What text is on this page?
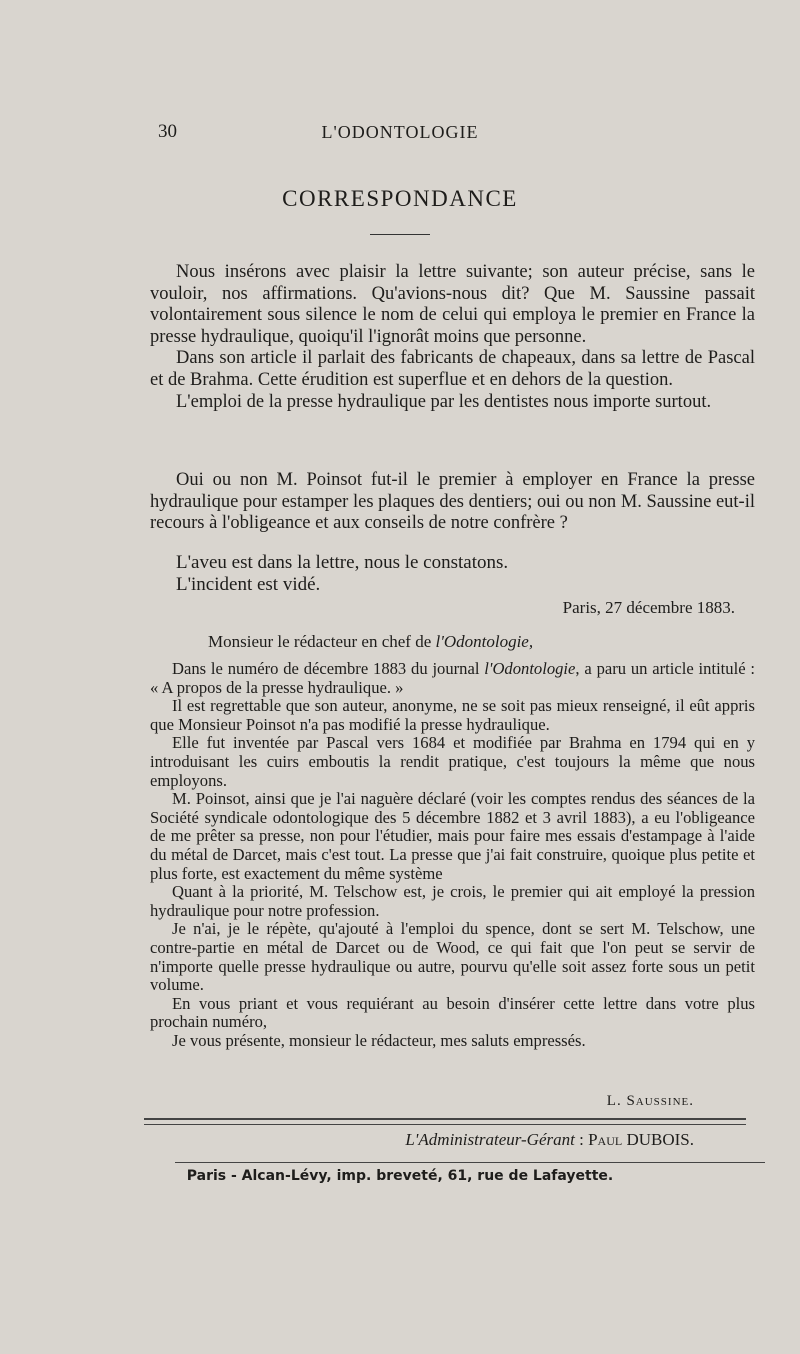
30	L'ODONTOLOGIE
CORRESPONDANCE

Nous insérons avec plaisir la lettre suivante; son auteur précise, sans le vouloir, nos affirmations. Qu'avions-nous dit? Que M. Saussine passait volontairement sous silence le nom de celui qui employa le premier en France la presse hydraulique, quoiqu'il l'ignorât moins que personne.

Dans son article il parlait des fabricants de chapeaux, dans sa lettre de Pascal et de Brahma. Cette érudition est superflue et en dehors de la question.

L'emploi de la presse hydraulique par les dentistes nous importe surtout.

Oui ou non M. Poinsot fut-il le premier à employer en France la presse hydraulique pour estamper les plaques des dentiers; oui ou non M. Saussine eut-il recours à l'obligeance et aux conseils de notre confrère ?

L'aveu est dans la lettre, nous le constatons.

L'incident est vidé.

Paris, 27 décembre 1883.
Monsieur le rédacteur en chef de l'Odontologie,

Dans le numéro de décembre 1883 du journal l'Odontologie, a paru un article intitulé : « A propos de la presse hydraulique. »

Il est regrettable que son auteur, anonyme, ne se soit pas mieux renseigné, il eût appris que Monsieur Poinsot n'a pas modifié la presse hydraulique.

Elle fut inventée par Pascal vers 1684 et modifiée par Brahma en 1794 qui en y introduisant les cuirs emboutis la rendit pratique, c'est toujours la même que nous employons.

M. Poinsot, ainsi que je l'ai naguère déclaré (voir les comptes rendus des séances de la Société syndicale odontologique des 5 décembre 1882 et 3 avril 1883), a eu l'obligeance de me prêter sa presse, non pour l'étudier, mais pour faire mes essais d'estampage à l'aide du métal de Darcet, mais c'est tout. La presse que j'ai fait construire, quoique plus petite et plus forte, est exactement du même système

Quant à la priorité, M. Telschow est, je crois, le premier qui ait employé la pression hydraulique pour notre profession.

Je n'ai, je le répète, qu'ajouté à l'emploi du spence, dont se sert M. Telschow, une contre-partie en métal de Darcet ou de Wood, ce qui fait que l'on peut se servir de n'importe quelle presse hydraulique ou autre, pourvu qu'elle soit assez forte sous un petit volume.

En vous priant et vous requiérant au besoin d'insérer cette lettre dans votre plus prochain numéro,

Je vous présente, monsieur le rédacteur, mes saluts empressés.

L. Saussine.
L'Administrateur-Gérant : Paul DUBOIS.
Paris - Alcan-Lévy, imp. breveté, 61, rue de Lafayette.
